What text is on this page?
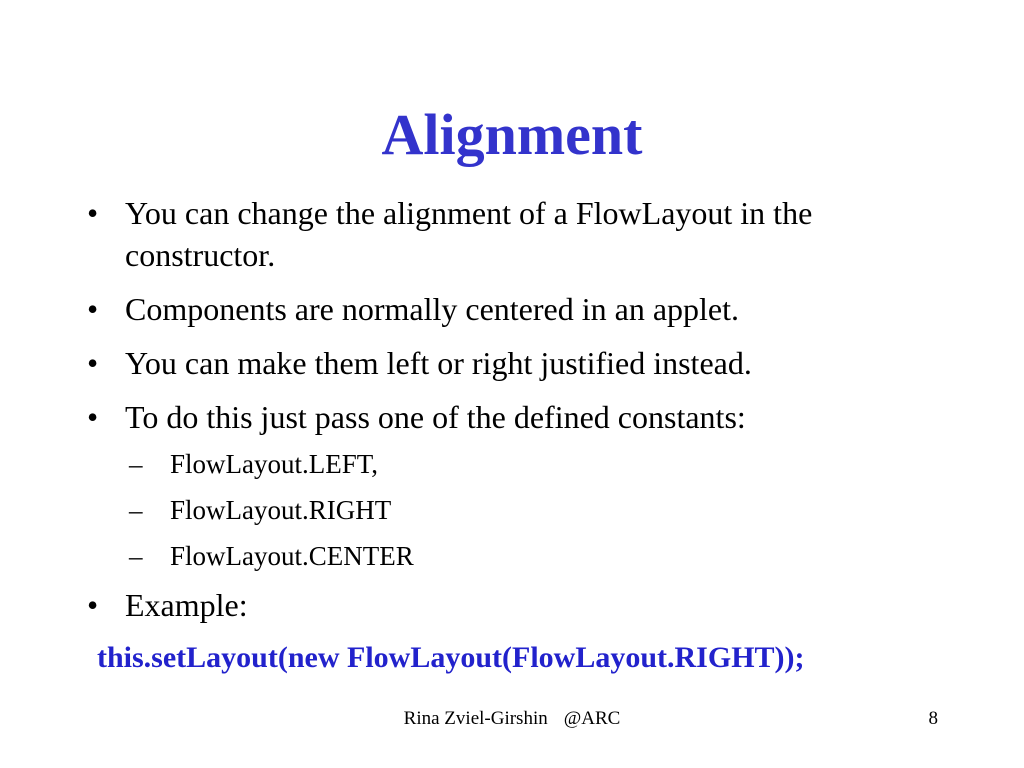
Alignment
• You can change the alignment of a FlowLayout in the constructor.
• Components are normally centered in an applet.
• You can make them left or right justified instead.
• To do this just pass one of the defined constants:
– FlowLayout.LEFT,
– FlowLayout.RIGHT
– FlowLayout.CENTER
• Example:
this.setLayout(new FlowLayout(FlowLayout.RIGHT));
Rina Zviel-Girshin @ARC	8
